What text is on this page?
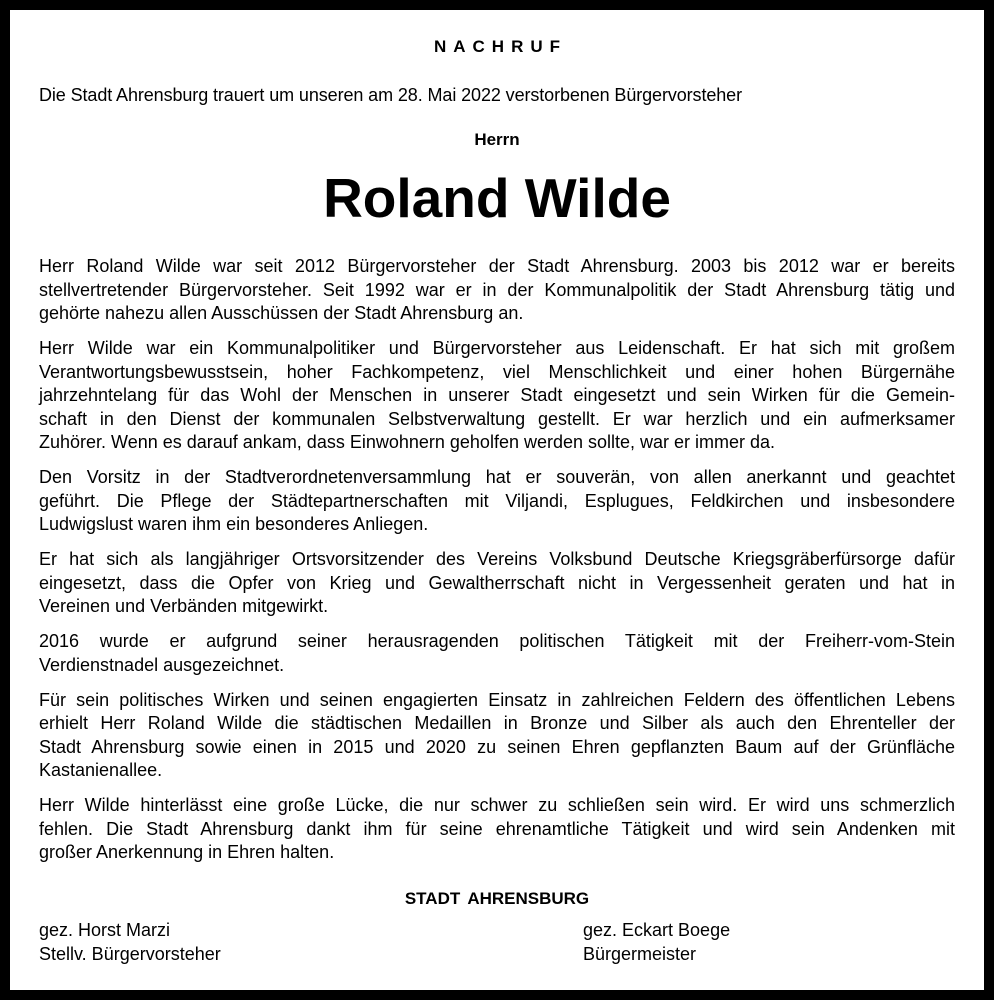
NACHRUF
Die Stadt Ahrensburg trauert um unseren am 28. Mai 2022 verstorbenen Bürgervorsteher
Herrn
Roland Wilde

Herr Roland Wilde war seit 2012 Bürgervorsteher der Stadt Ahrensburg. 2003 bis 2012 war er bereits
stellvertretender Bürgervorsteher. Seit 1992 war er in der Kommunalpolitik der Stadt Ahrensburg tätig und
gehörte nahezu allen Ausschüssen der Stadt Ahrensburg an.

Herr Wilde war ein Kommunalpolitiker und Bürgervorsteher aus Leidenschaft. Er hat sich mit großem
Verantwortungsbewusstsein, hoher Fachkompetenz, viel Menschlichkeit und einer hohen Bürgernähe
jahrzehntelang für das Wohl der Menschen in unserer Stadt eingesetzt und sein Wirken für die Gemein-
schaft in den Dienst der kommunalen Selbstverwaltung gestellt. Er war herzlich und ein aufmerksamer
Zuhörer. Wenn es darauf ankam, dass Einwohnern geholfen werden sollte, war er immer da.

Den Vorsitz in der Stadtverordnetenversammlung hat er souverän, von allen anerkannt und geachtet
geführt. Die Pflege der Städtepartnerschaften mit Viljandi, Esplugues, Feldkirchen und insbesondere
Ludwigslust waren ihm ein besonderes Anliegen.

Er hat sich als langjähriger Ortsvorsitzender des Vereins Volksbund Deutsche Kriegsgräberfürsorge dafür
eingesetzt, dass die Opfer von Krieg und Gewaltherrschaft nicht in Vergessenheit geraten und hat in
Vereinen und Verbänden mitgewirkt.

2016 wurde er aufgrund seiner herausragenden politischen Tätigkeit mit der Freiherr-vom-Stein
Verdienstnadel ausgezeichnet.

Für sein politisches Wirken und seinen engagierten Einsatz in zahlreichen Feldern des öffentlichen Lebens
erhielt Herr Roland Wilde die städtischen Medaillen in Bronze und Silber als auch den Ehrenteller der
Stadt Ahrensburg sowie einen in 2015 und 2020 zu seinen Ehren gepflanzten Baum auf der Grünfläche
Kastanienallee.

Herr Wilde hinterlässt eine große Lücke, die nur schwer zu schließen sein wird. Er wird uns schmerzlich
fehlen. Die Stadt Ahrensburg dankt ihm für seine ehrenamtliche Tätigkeit und wird sein Andenken mit
großer Anerkennung in Ehren halten.

STADT AHRENSBURG
gez. Horst Marzi
Stellv. Bürgervorsteher
gez. Eckart Boege
Bürgermeister
